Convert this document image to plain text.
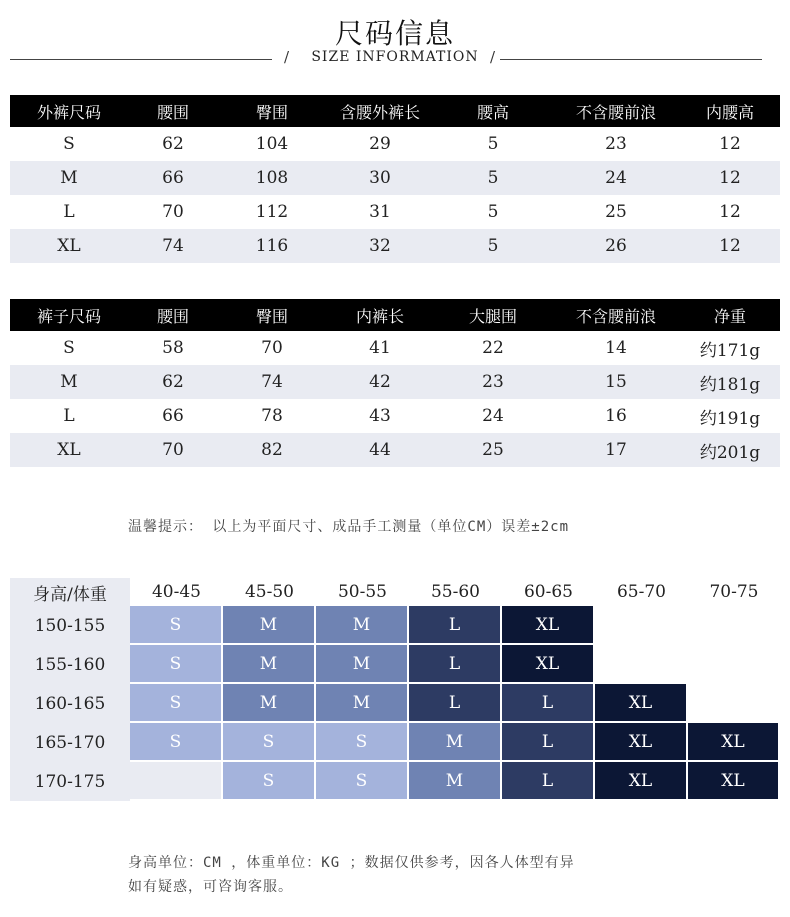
尺码信息
/	SIZE INFORMATION /
外裤尺码	腰围	臀围	含腰外裤长	腰高	不含腰前浪	内腰高
S	62	104	29	5	23	12
M	66	108	30	5	24	12
L	70	112	31	5	25	12
XL	74	116	32	5	26	12
裤子尺码	腰围	臀围	内裤长	大腿围	不含腰前浪	净重
S	58	70	41	22	14	约171g
M	62	74	42	23	15	约181g
L	66	78	43	24	16	约191g
XL	70	82	44	25	17	约201g
温馨提示： 以上为平面尺寸、成品手工测量（单位CM）误差±2cm
身高/体重	40-45	45-50	50-55	55-60	60-65	65-70	70-75
150-155	S	M	M	L	XL		
155-160	S	M	M	L	XL		
160-165	S	M	M	L	L	XL	
165-170	S	S	S	M	L	XL	XL
170-175		S	S	M	L	XL	XL
身高单位：CM ，体重单位：KG ；数据仅供参考，因各人体型有异
如有疑惑，可咨询客服。
